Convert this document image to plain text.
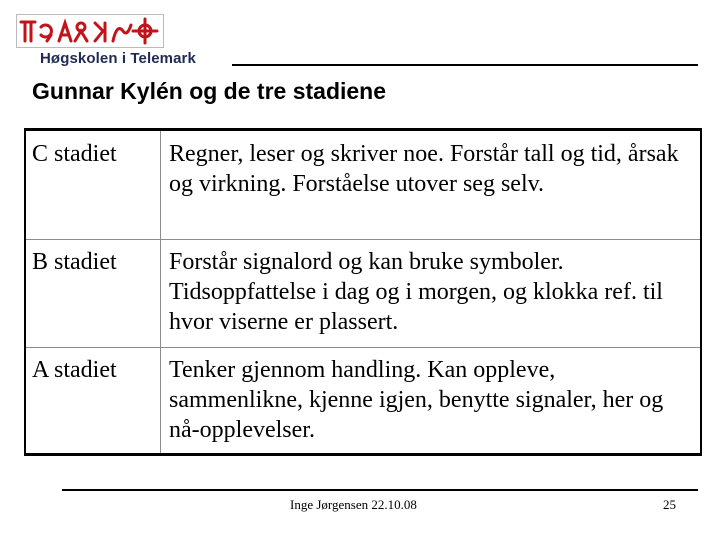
Høgskolen i Telemark
Gunnar Kylén og de tre stadiene
C stadiet Regner, leser og skriver noe. Forstår tall og tid, årsak og virkning. Forståelse utover seg selv.
B stadiet Forstår signalord og kan bruke symboler. Tidsoppfattelse i dag og i morgen, og klokka ref. til hvor viserne er plassert.
A stadiet Tenker gjennom handling. Kan oppleve, sammenlikne, kjenne igjen, benytte signaler, her og nå-opplevelser.
Inge Jørgensen 22.10.08	25
